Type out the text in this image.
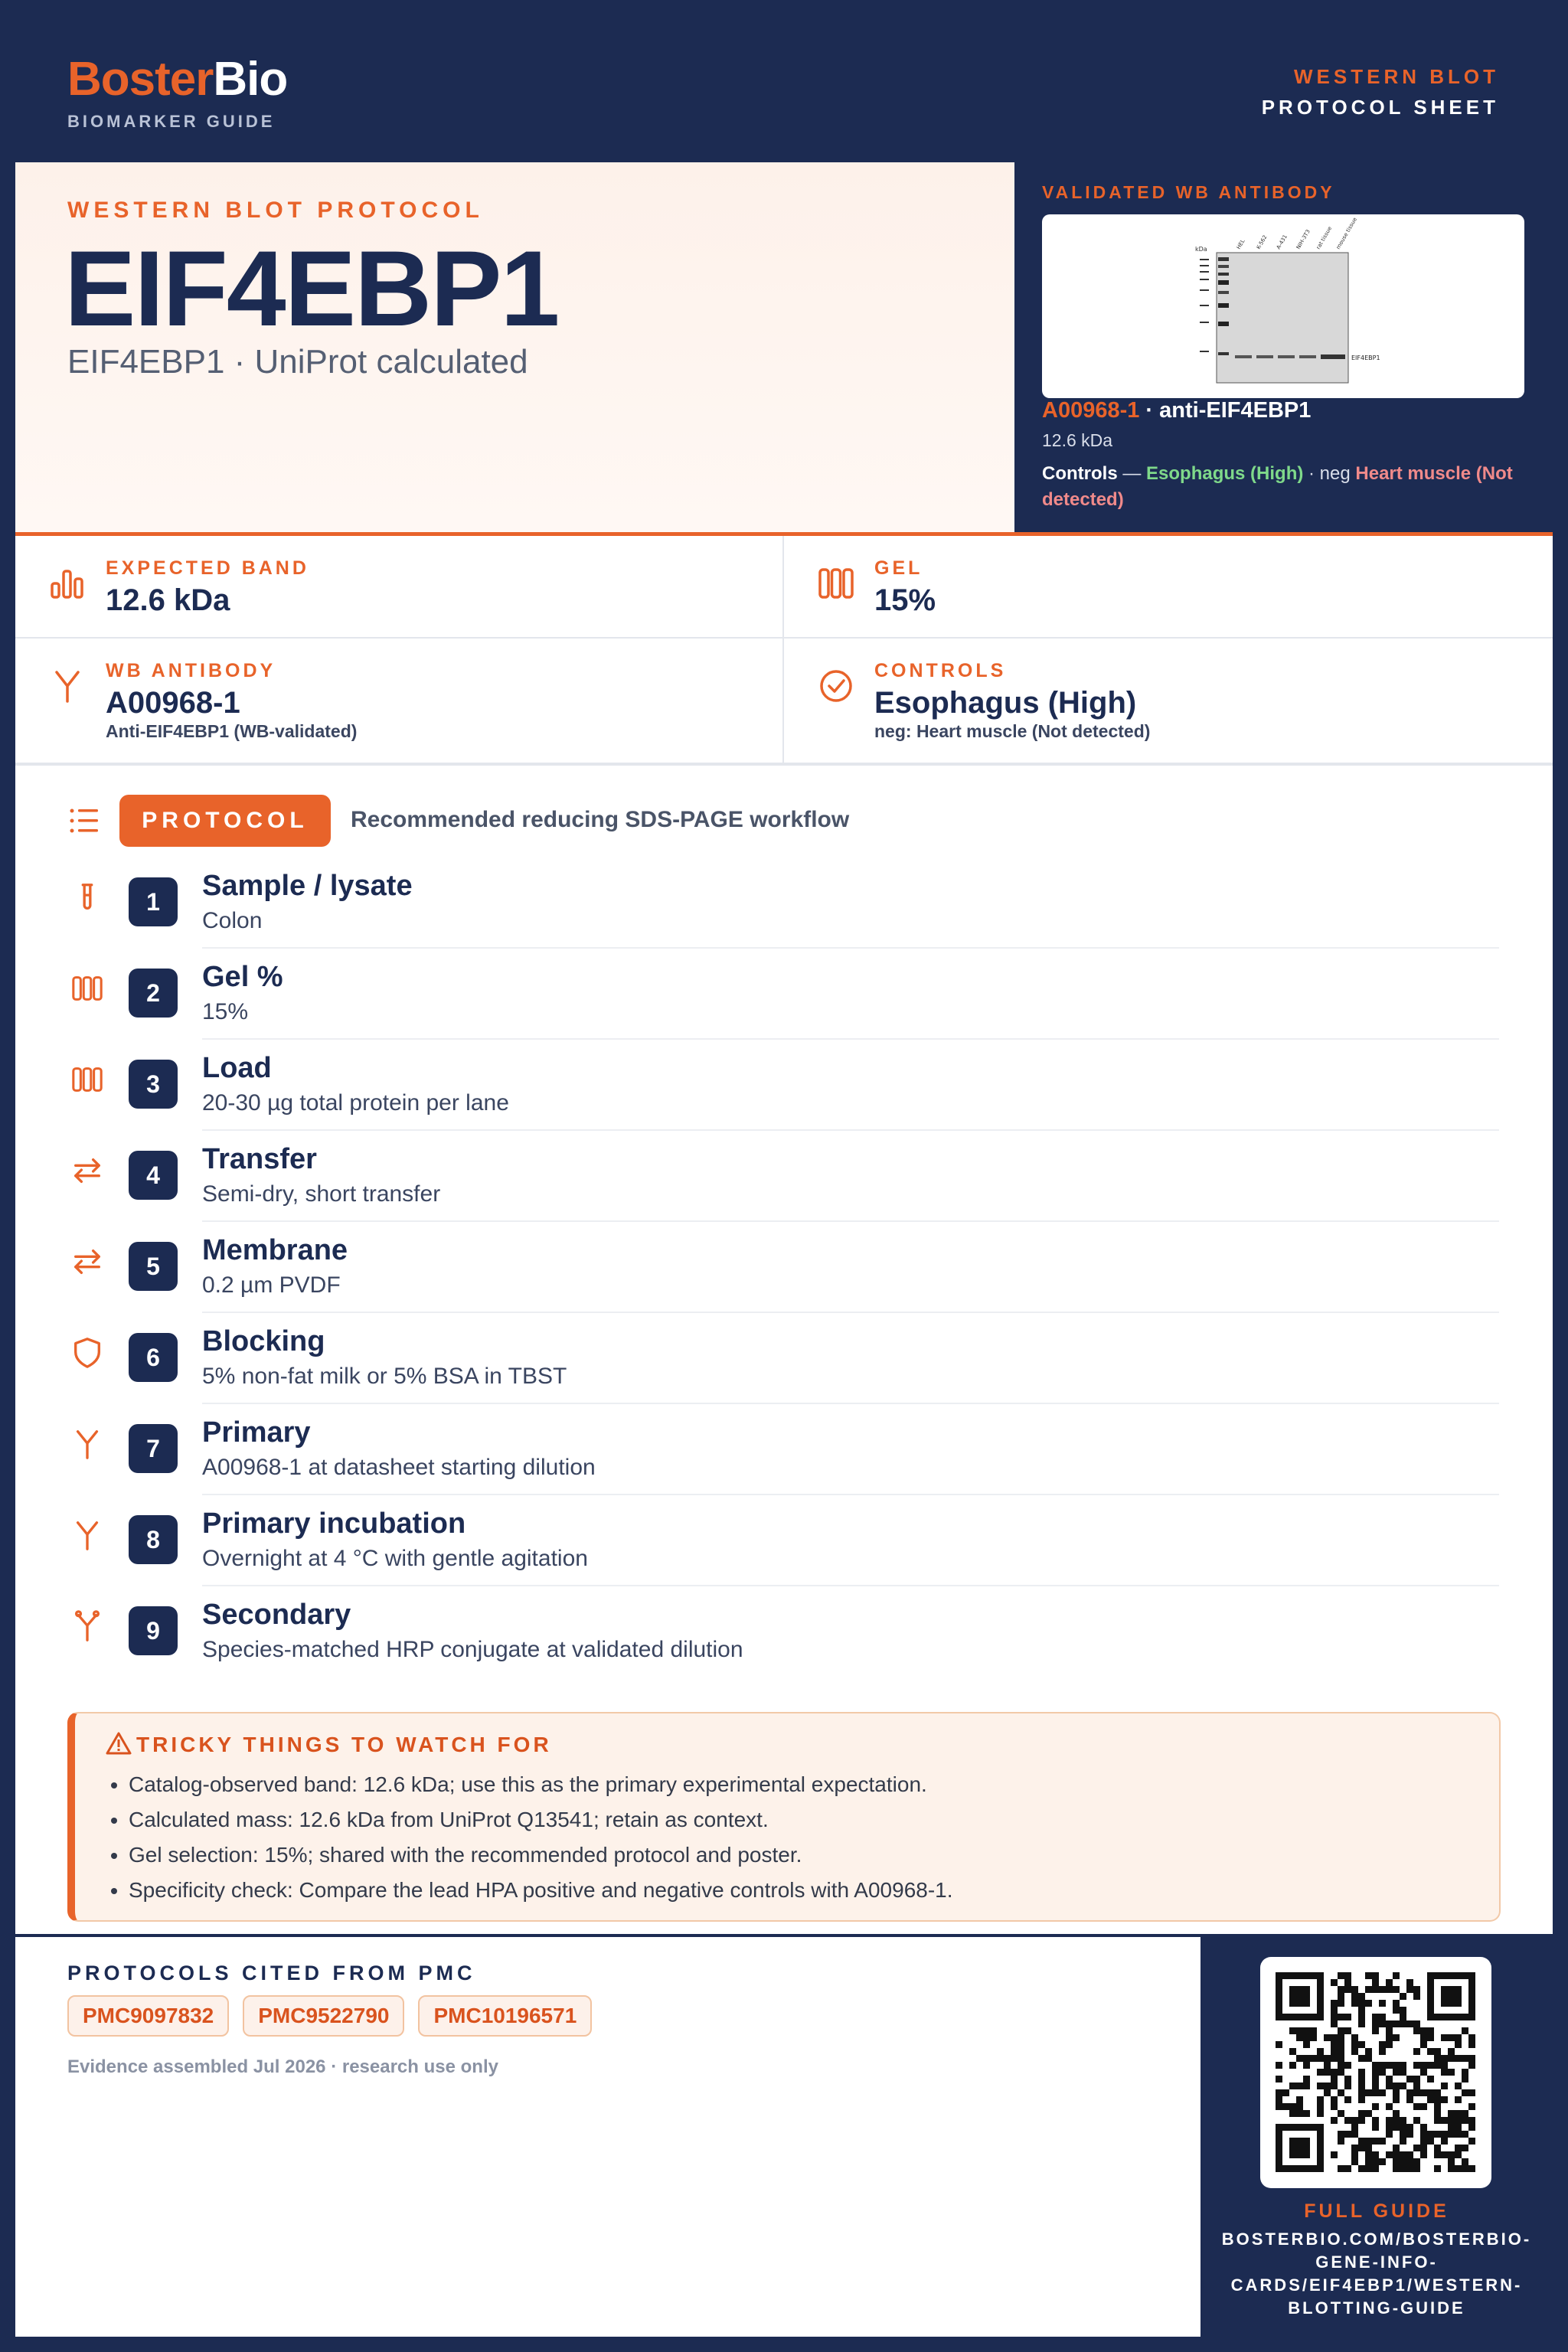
BosterBio
BIOMARKER GUIDE
WESTERN BLOT
PROTOCOL SHEET
WESTERN BLOT PROTOCOL
EIF4EBP1
EIF4EBP1 · UniProt calculated
VALIDATED WB ANTIBODY
kDa	HEL K-562 A-431 NIH-3T3 rat tissue mouse tissue
EIF4EBP1
A00968-1 · anti-EIF4EBP1
12.6 kDa
Controls — Esophagus (High) · neg Heart muscle (Not detected)
EXPECTED BAND
12.6 kDa
GEL
15%
WB ANTIBODY
A00968-1
Anti-EIF4EBP1 (WB-validated)
CONTROLS
Esophagus (High)
neg: Heart muscle (Not detected)
PROTOCOL	Recommended reducing SDS-PAGE workflow
1	Sample / lysate
Colon
2	Gel %
15%
3	Load
20-30 µg total protein per lane
4	Transfer
Semi-dry, short transfer
5	Membrane
0.2 µm PVDF
6	Blocking
5% non-fat milk or 5% BSA in TBST
7	Primary
A00968-1 at datasheet starting dilution
8	Primary incubation
Overnight at 4 °C with gentle agitation
9	Secondary
Species-matched HRP conjugate at validated dilution
TRICKY THINGS TO WATCH FOR
• Catalog-observed band: 12.6 kDa; use this as the primary experimental expectation.
• Calculated mass: 12.6 kDa from UniProt Q13541; retain as context.
• Gel selection: 15%; shared with the recommended protocol and poster.
• Specificity check: Compare the lead HPA positive and negative controls with A00968-1.
PROTOCOLS CITED FROM PMC
PMC9097832	PMC9522790	PMC10196571
Evidence assembled Jul 2026 · research use only
FULL GUIDE
BOSTERBIO.COM/BOSTERBIO-GENE-INFO-CARDS/EIF4EBP1/WESTERN-BLOTTING-GUIDE
